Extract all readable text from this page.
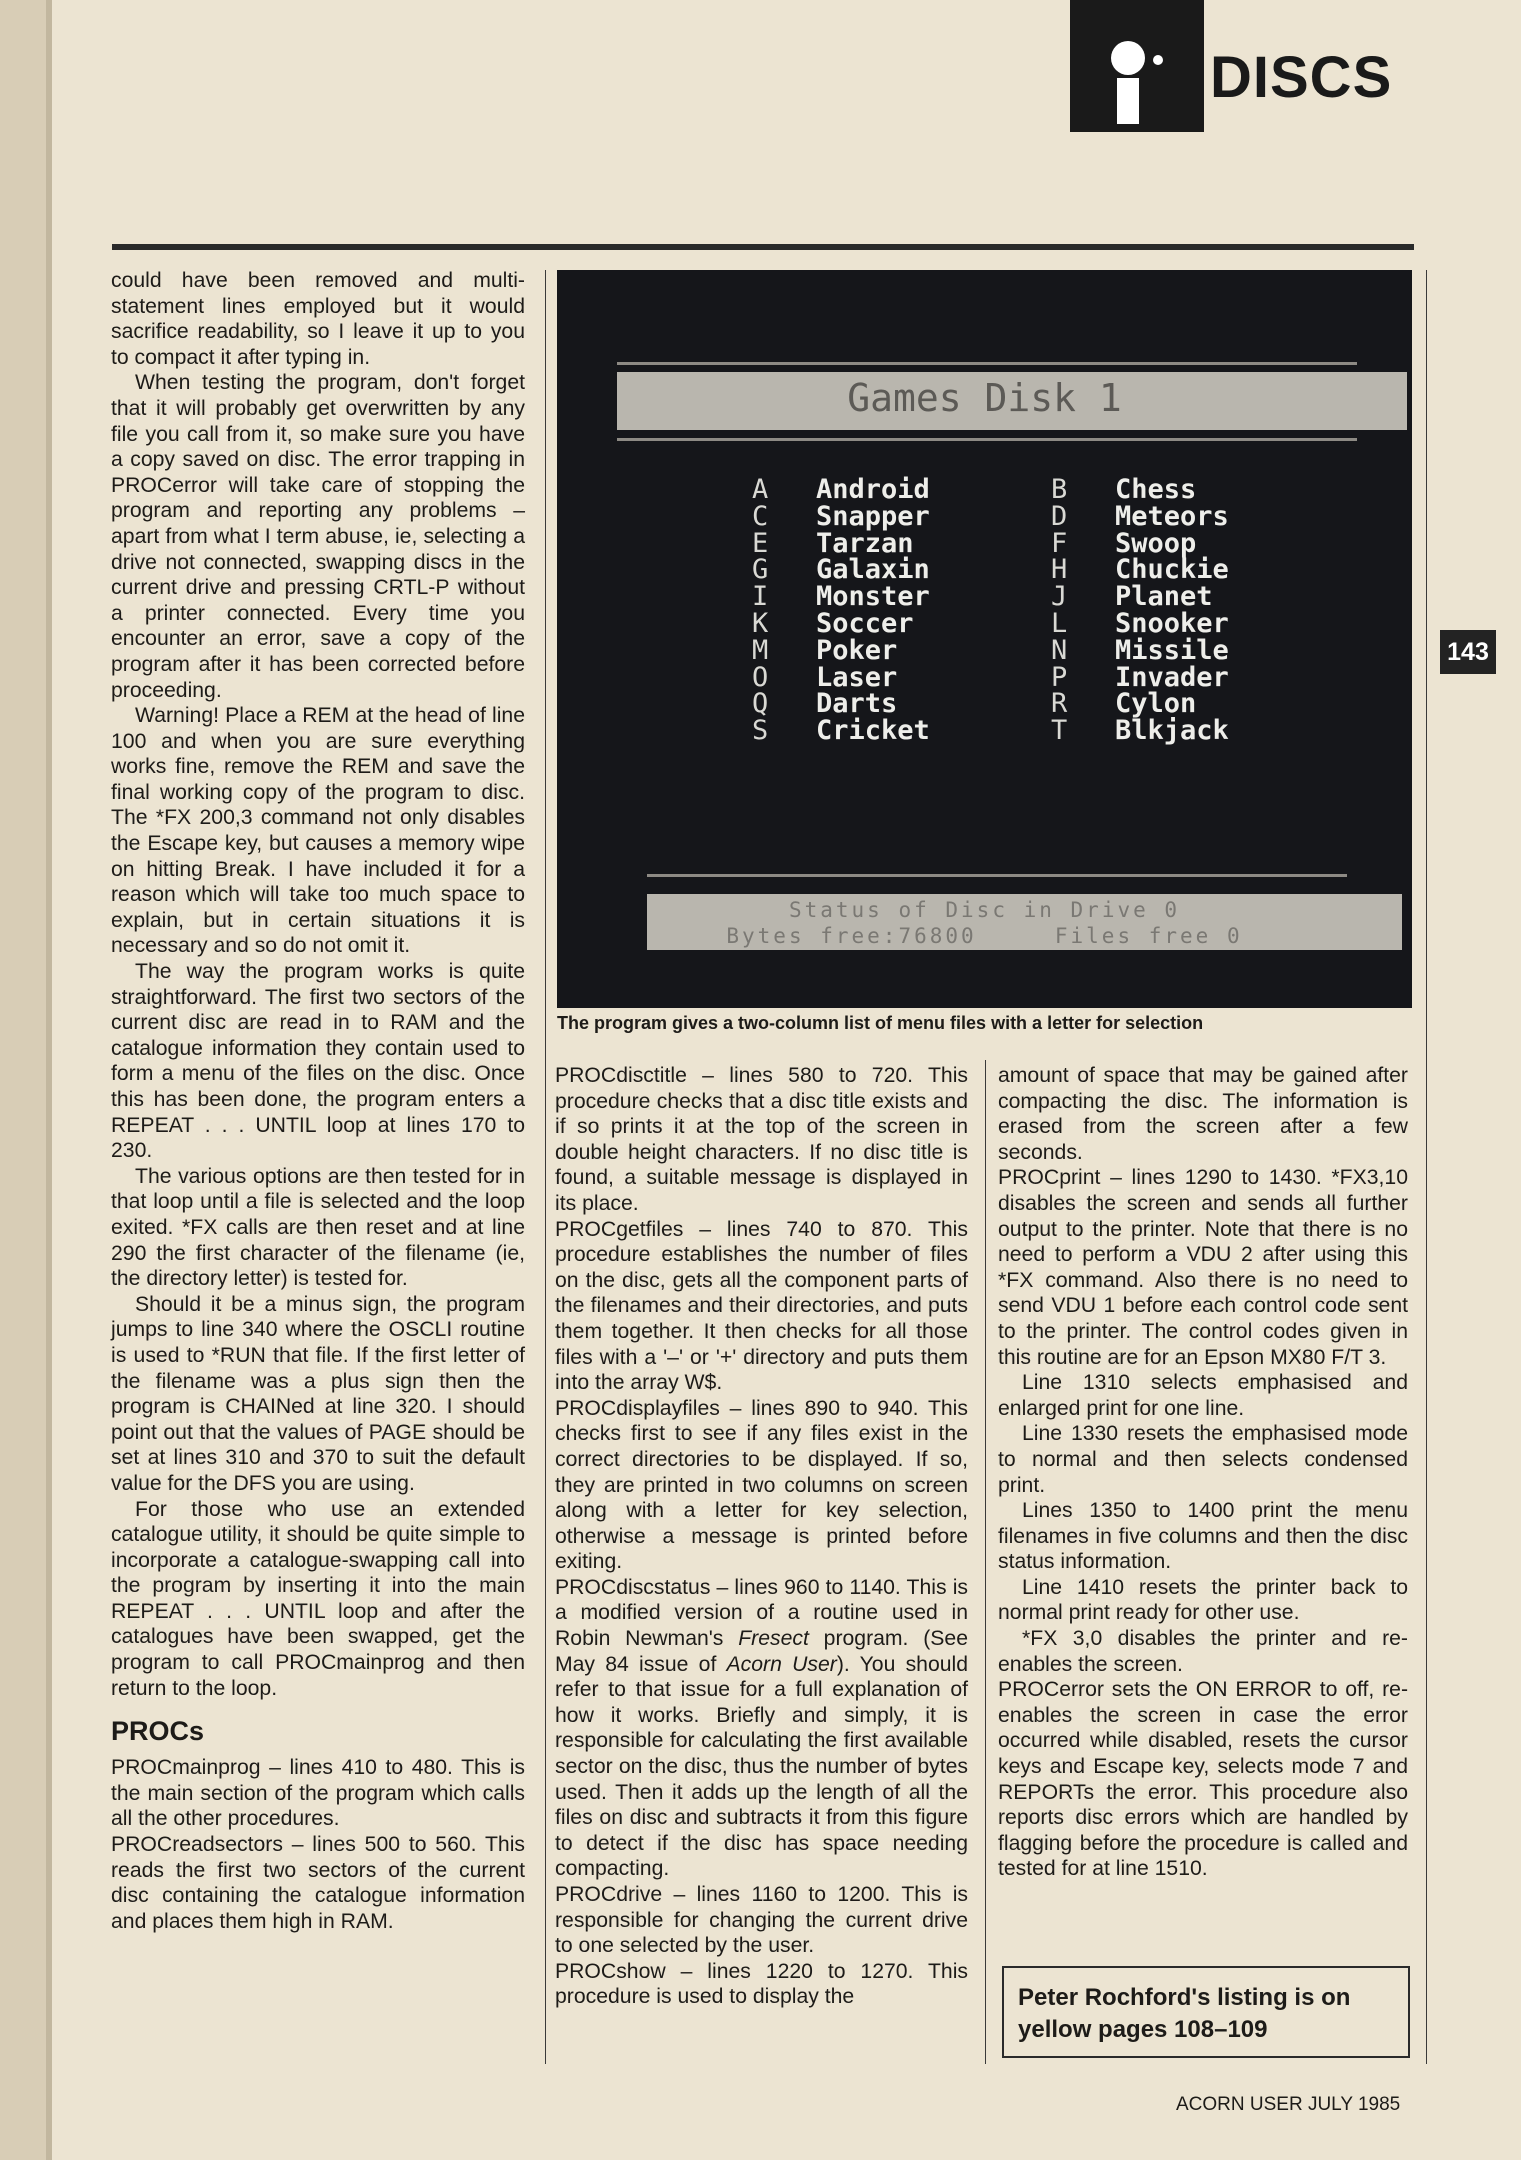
DISCS
143

could have been removed and multi-statement lines employed but it would sacrifice readability, so I leave it up to you to compact it after typing in.

When testing the program, don't forget that it will probably get overwritten by any file you call from it, so make sure you have a copy saved on disc. The error trapping in PROCerror will take care of stopping the program and reporting any problems – apart from what I term abuse, ie, selecting a drive not connected, swapping discs in the current drive and pressing CRTL-P without a printer connected. Every time you encounter an error, save a copy of the program after it has been corrected before proceeding.

Warning! Place a REM at the head of line 100 and when you are sure everything works fine, remove the REM and save the final working copy of the program to disc. The *FX 200,3 command not only disables the Escape key, but causes a memory wipe on hitting Break. I have included it for a reason which will take too much space to explain, but in certain situations it is necessary and so do not omit it.

The way the program works is quite straightforward. The first two sectors of the current disc are read in to RAM and the catalogue information they contain used to form a menu of the files on the disc. Once this has been done, the program enters a REPEAT . . . UNTIL loop at lines 170 to 230.

The various options are then tested for in that loop until a file is selected and the loop exited. *FX calls are then reset and at line 290 the first character of the filename (ie, the directory letter) is tested for.

Should it be a minus sign, the program jumps to line 340 where the OSCLI routine is used to *RUN that file. If the first letter of the filename was a plus sign then the program is CHAINed at line 320. I should point out that the values of PAGE should be set at lines 310 and 370 to suit the default value for the DFS you are using.

For those who use an extended catalogue utility, it should be quite simple to incorporate a catalogue-swapping call into the program by inserting it into the main REPEAT . . . UNTIL loop and after the catalogues have been swapped, get the program to call PROCmainprog and then return to the loop.

PROCs

PROCmainprog – lines 410 to 480. This is the main section of the program which calls all the other procedures.

PROCreadsectors – lines 500 to 560. This reads the first two sectors of the current disc containing the catalogue information and places them high in RAM.

Games Disk 1
A Android
C Snapper
E Tarzan
G Galaxin
I Monster
K Soccer
M Poker
O Laser
Q Darts
S Cricket
B Chess
D Meteors
F Swoop
H Chuckie
J Planet
L Snooker
N Missile
P Invader
R Cylon
T Blkjack
Status of Disc in Drive 0
Bytes free:76800     Files free 0
The program gives a two-column list of menu files with a letter for selection

PROCdisctitle – lines 580 to 720. This procedure checks that a disc title exists and if so prints it at the top of the screen in double height characters. If no disc title is found, a suitable message is displayed in its place.

PROCgetfiles – lines 740 to 870. This procedure establishes the number of files on the disc, gets all the component parts of the filenames and their directories, and puts them together. It then checks for all those files with a '–' or '+' directory and puts them into the array W$.

PROCdisplayfiles – lines 890 to 940. This checks first to see if any files exist in the correct directories to be displayed. If so, they are printed in two columns on screen along with a letter for key selection, otherwise a message is printed before exiting.

PROCdiscstatus – lines 960 to 1140. This is a modified version of a routine used in Robin Newman's Fresect program. (See May 84 issue of Acorn User). You should refer to that issue for a full explanation of how it works. Briefly and simply, it is responsible for calculating the first available sector on the disc, thus the number of bytes used. Then it adds up the length of all the files on disc and subtracts it from this figure to detect if the disc has space needing compacting.

PROCdrive – lines 1160 to 1200. This is responsible for changing the current drive to one selected by the user.

PROCshow – lines 1220 to 1270. This procedure is used to display the

amount of space that may be gained after compacting the disc. The information is erased from the screen after a few seconds.

PROCprint – lines 1290 to 1430. *FX3,10 disables the screen and sends all further output to the printer. Note that there is no need to perform a VDU 2 after using this *FX command. Also there is no need to send VDU 1 before each control code sent to the printer. The control codes given in this routine are for an Epson MX80 F/T 3.

Line 1310 selects emphasised and enlarged print for one line.

Line 1330 resets the emphasised mode to normal and then selects condensed print.

Lines 1350 to 1400 print the menu filenames in five columns and then the disc status information.

Line 1410 resets the printer back to normal print ready for other use.

*FX 3,0 disables the printer and re-enables the screen.

PROCerror sets the ON ERROR to off, re-enables the screen in case the error occurred while disabled, resets the cursor keys and Escape key, selects mode 7 and REPORTs the error. This procedure also reports disc errors which are handled by flagging before the procedure is called and tested for at line 1510.

Peter Rochford's listing is on yellow pages 108–109
ACORN USER JULY 1985
